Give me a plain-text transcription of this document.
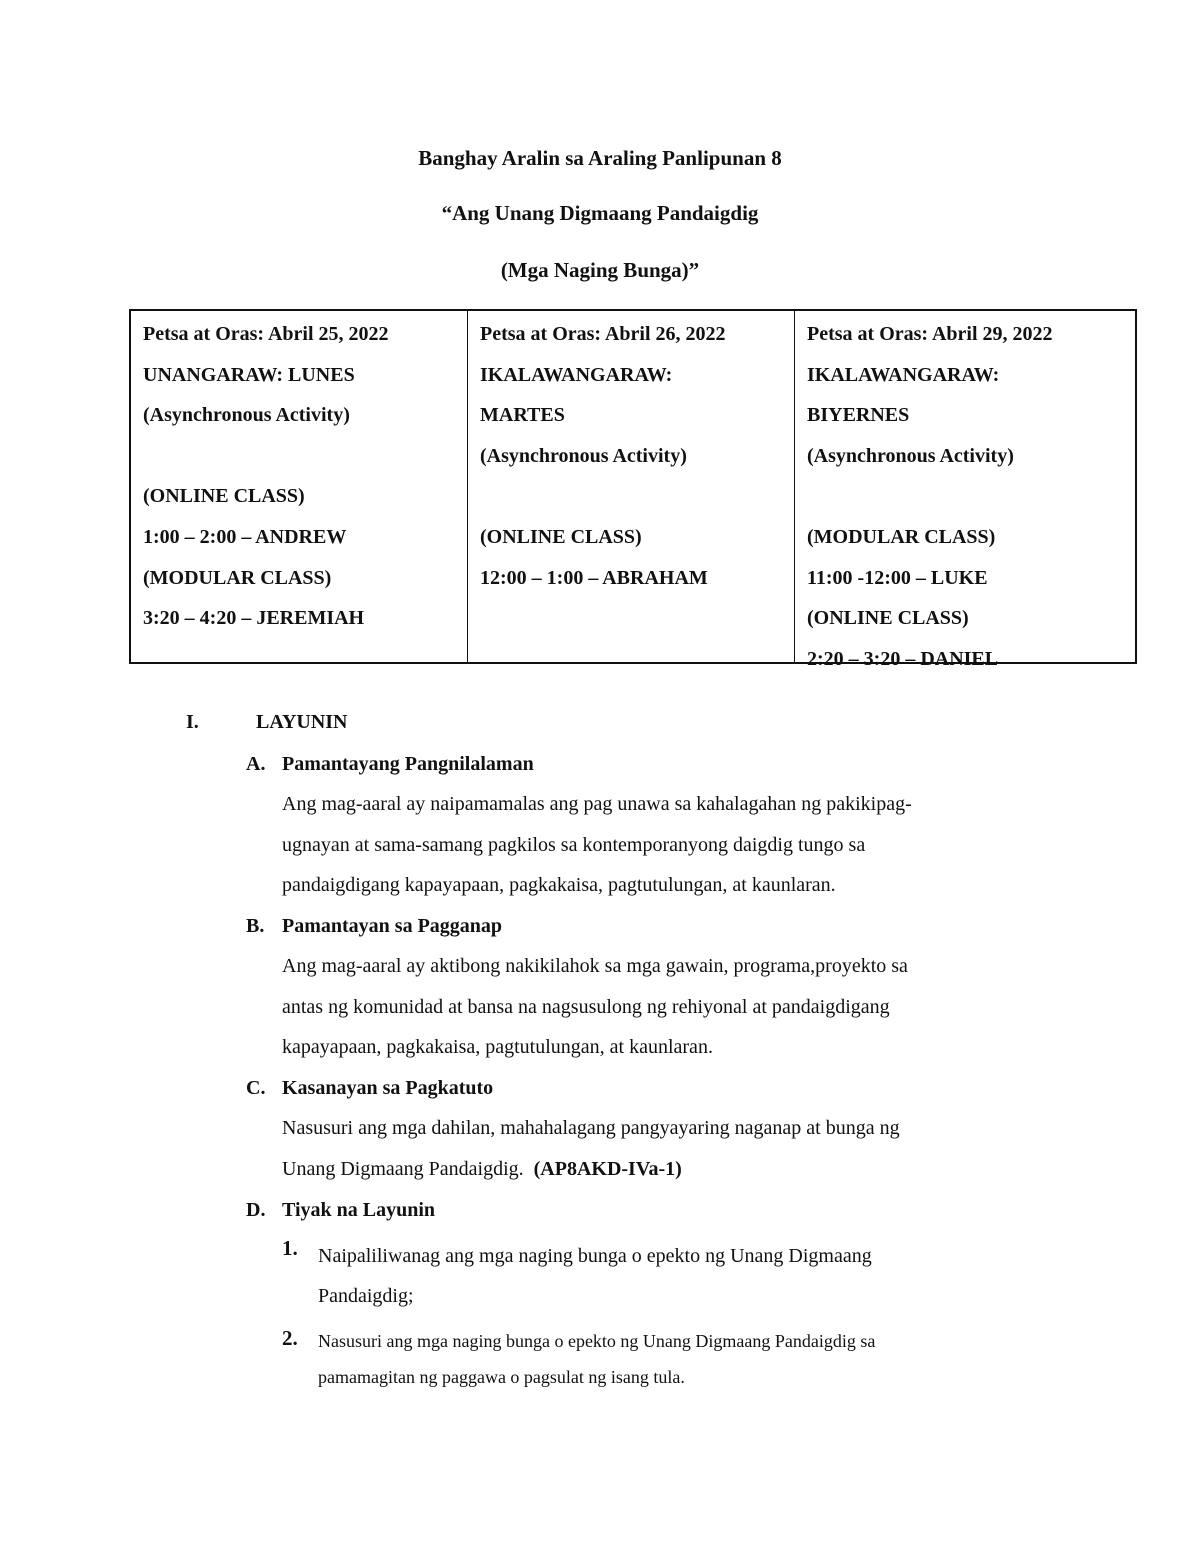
Banghay Aralin sa Araling Panlipunan 8
“Ang Unang Digmaang Pandaigdig
(Mga Naging Bunga)”
Petsa at Oras: Abril 25, 2022
UNANGARAW: LUNES
(Asynchronous Activity)
(ONLINE CLASS)
1:00 – 2:00 – ANDREW
(MODULAR CLASS)
3:20 – 4:20 – JEREMIAH
Petsa at Oras: Abril 26, 2022
IKALAWANGARAW:
MARTES
(Asynchronous Activity)
(ONLINE CLASS)
12:00 – 1:00 – ABRAHAM
Petsa at Oras: Abril 29, 2022
IKALAWANGARAW:
BIYERNES
(Asynchronous Activity)
(MODULAR CLASS)
11:00 -12:00 – LUKE
(ONLINE CLASS)
2:20 – 3:20 – DANIEL
I.	LAYUNIN
A. Pamantayang Pangnilalaman
Ang mag-aaral ay naipamamalas ang pag unawa sa kahalagahan ng pakikipag-
ugnayan at sama-samang pagkilos sa kontemporanyong daigdig tungo sa
pandaigdigang kapayapaan, pagkakaisa, pagtutulungan, at kaunlaran.
B. Pamantayan sa Pagganap
Ang mag-aaral ay aktibong nakikilahok sa mga gawain, programa,proyekto sa
antas ng komunidad at bansa na nagsusulong ng rehiyonal at pandaigdigang
kapayapaan, pagkakaisa, pagtutulungan, at kaunlaran.
C. Kasanayan sa Pagkatuto
Nasusuri ang mga dahilan, mahahalagang pangyayaring naganap at bunga ng
Unang Digmaang Pandaigdig. (AP8AKD-IVa-1)
D. Tiyak na Layunin
1. Naipaliliwanag ang mga naging bunga o epekto ng Unang Digmaang
Pandaigdig;
2. Nasusuri ang mga naging bunga o epekto ng Unang Digmaang Pandaigdig sa
pamamagitan ng paggawa o pagsulat ng isang tula.
